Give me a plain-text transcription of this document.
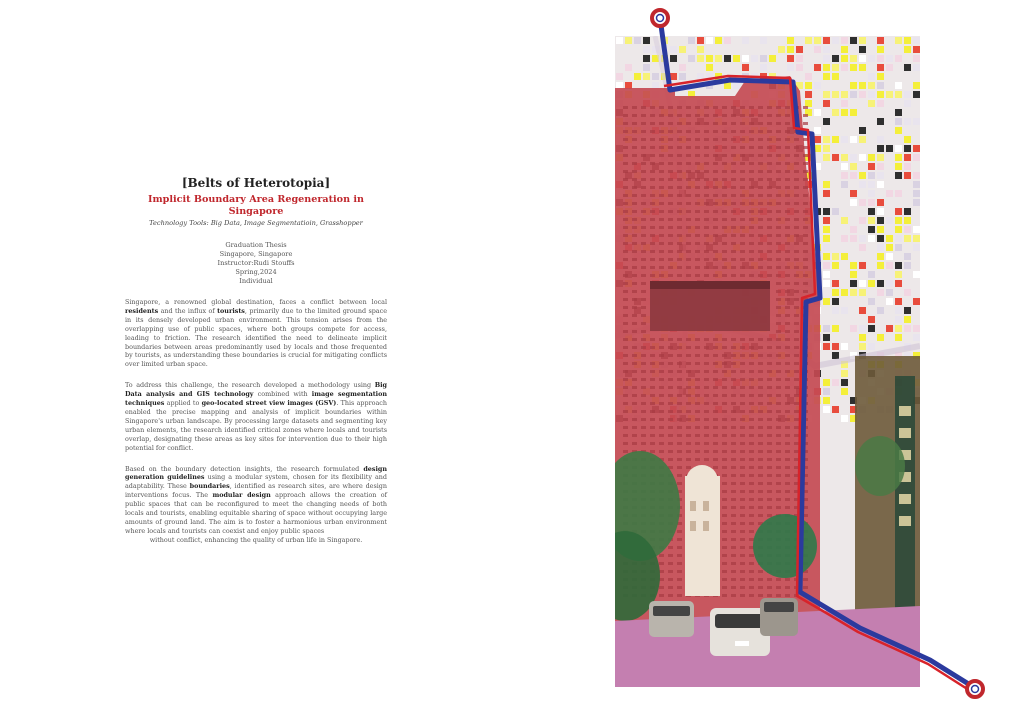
[Belts of Heterotopia]
Implicit Boundary Area Regeneration in Singapore
Technology Tools: Big Data, Image Segmentatioin, Grasshopper
Graduation Thesis
Singapore, Singapore
Instructor:Rudi Stouffs
Spring,2024
Individual
Singapore, a renowned global destination, faces a conflict between local residents and the influx of tourists, primarily due to the limited ground space in its densely developed urban environment. This tension arises from the overlapping use of public spaces, where both groups compete for access, leading to friction. The research identified the need to delineate implicit boundaries between areas predominantly used by locals and those frequented by tourists, as understanding these boundaries is crucial for mitigating conflicts over limited urban space.
To address this challenge, the research developed a methodology using Big Data analysis and GIS technology combined with image segmentation techniques applied to geo-located street view images (GSV). This approach enabled the precise mapping and analysis of implicit boundaries within Singapore's urban landscape. By processing large datasets and segmenting key urban elements, the research identified critical zones where locals and tourists overlap, designating these areas as key sites for intervention due to their high potential for conflict.
Based on the boundary detection insights, the research formulated design generation guidelines using a modular system, chosen for its flexibility and adaptability. These boundaries, identified as research sites, are where design interventions focus. The modular design approach allows the creation of public spaces that can be reconfigured to meet the changing needs of both locals and tourists, enabling equitable sharing of space without occupying large amounts of ground land. The aim is to foster a harmonious urban environment where locals and tourists can coexist and enjoy public spaces
without conflict, enhancing the quality of urban life in Singapore.
